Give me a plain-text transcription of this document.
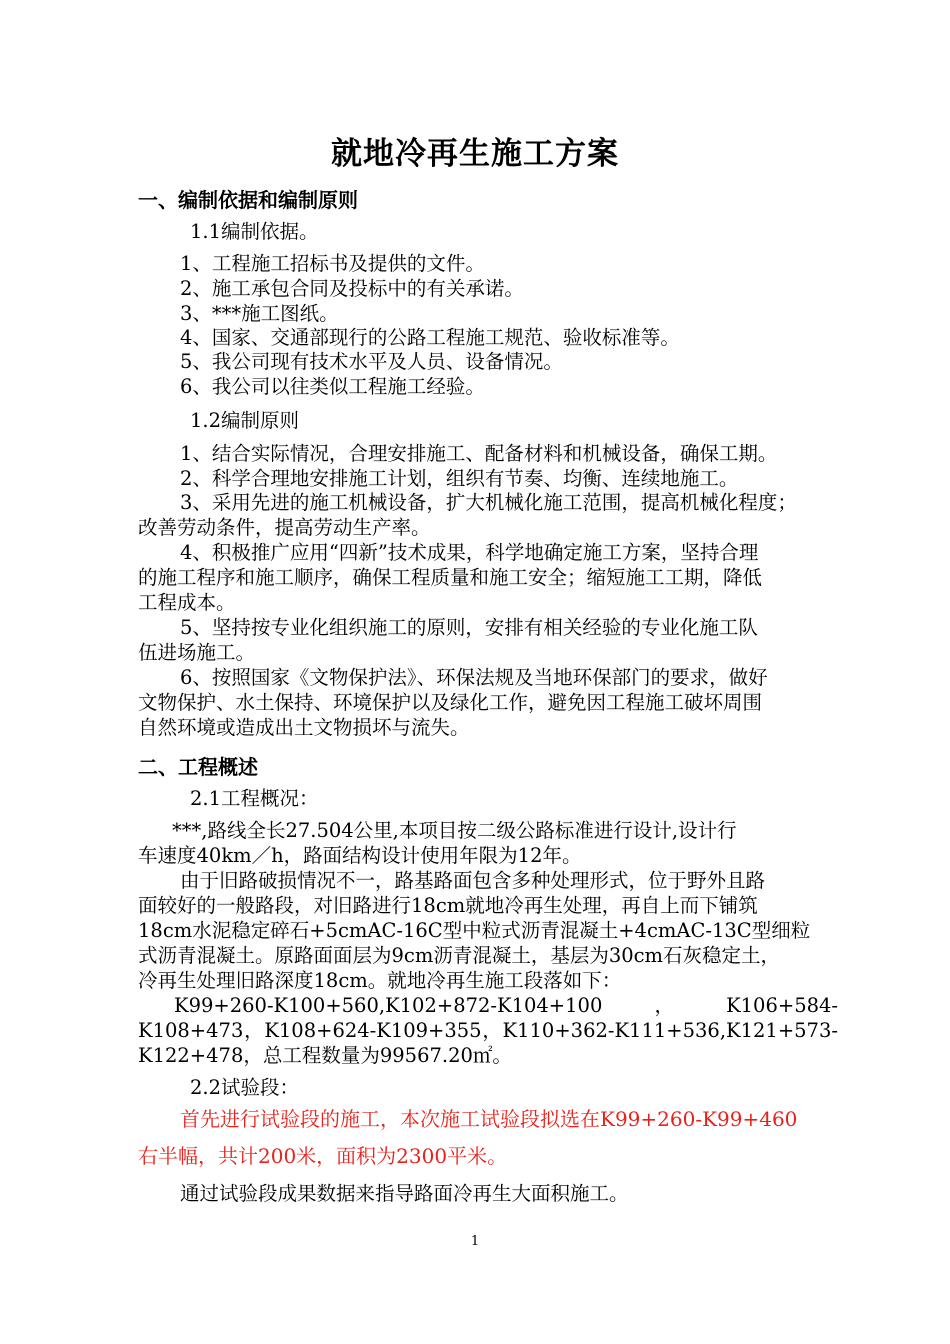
就地冷再生施工方案
一、编制依据和编制原则
1.1编制依据。
1、工程施工招标书及提供的文件。
2、施工承包合同及投标中的有关承诺。
3、***施工图纸。
4、国家、交通部现行的公路工程施工规范、验收标准等。
5、我公司现有技术水平及人员、设备情况。
6、我公司以往类似工程施工经验。
1.2编制原则
1、结合实际情况，合理安排施工、配备材料和机械设备，确保工期。
2、科学合理地安排施工计划，组织有节奏、均衡、连续地施工。
3、采用先进的施工机械设备，扩大机械化施工范围，提高机械化程度；
改善劳动条件，提高劳动生产率。
4、积极推广应用“四新”技术成果，科学地确定施工方案，坚持合理
的施工程序和施工顺序，确保工程质量和施工安全；缩短施工工期，降低
工程成本。
5、坚持按专业化组织施工的原则，安排有相关经验的专业化施工队
伍进场施工。
6、按照国家《文物保护法》、环保法规及当地环保部门的要求，做好
文物保护、水土保持、环境保护以及绿化工作，避免因工程施工破坏周围
自然环境或造成出土文物损坏与流失。
二、工程概述
2.1工程概况：
***,路线全长27.504公里,本项目按二级公路标准进行设计,设计行
车速度40km／h，路面结构设计使用年限为12年。
由于旧路破损情况不一，路基路面包含多种处理形式，位于野外且路
面较好的一般路段，对旧路进行18cm就地冷再生处理，再自上而下铺筑
18cm水泥稳定碎石+5cmAC-16C型中粒式沥青混凝土+4cmAC-13C型细粒
式沥青混凝土。原路面面层为9cm沥青混凝土，基层为30cm石灰稳定土，
冷再生处理旧路深度18cm。就地冷再生施工段落如下：
K99+260-K100+560,K102+872-K104+100	，	K106+584-
K108+473 ， K108+624-K109+355 ， K110+362-K111+536,K121+573-
K122+478，总工程数量为99567.20㎡。
2.2试验段：
首先进行试验段的施工，本次施工试验段拟选在K99+260-K99+460
右半幅，共计200米，面积为2300平米。
通过试验段成果数据来指导路面冷再生大面积施工。
1
